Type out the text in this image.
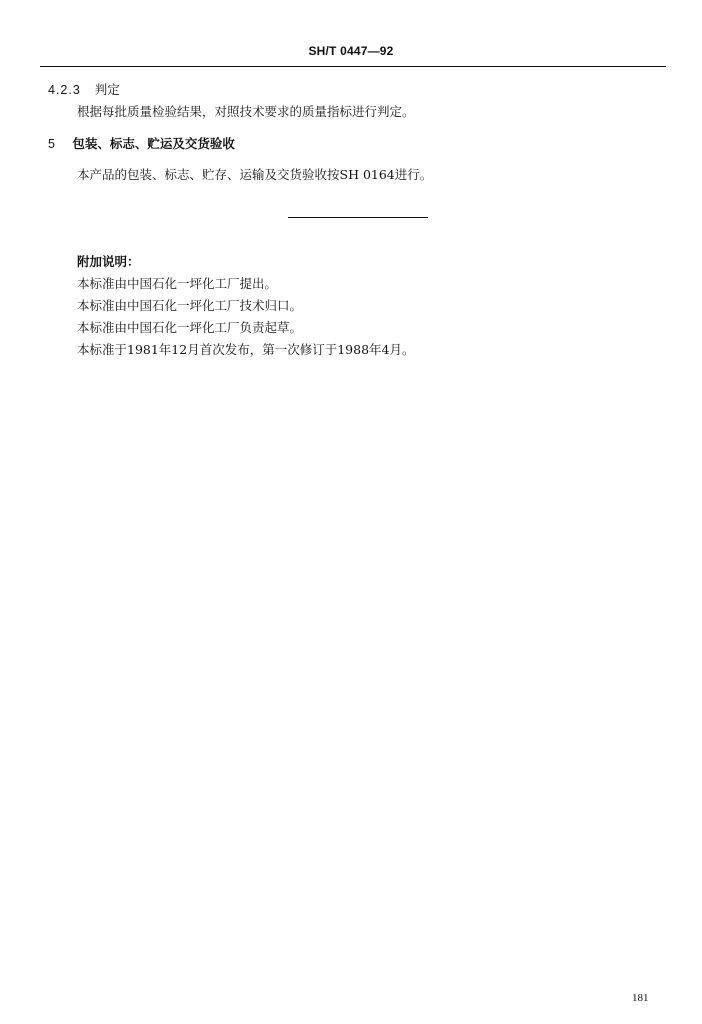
SH/T 0447—92
4.2.3 判定
根据每批质量检验结果，对照技术要求的质量指标进行判定。
5 包装、标志、贮运及交货验收
本产品的包装、标志、贮存、运输及交货验收按SH 0164进行。
附加说明：
本标准由中国石化一坪化工厂提出。
本标准由中国石化一坪化工厂技术归口。
本标准由中国石化一坪化工厂负责起草。
本标准于1981年12月首次发布，第一次修订于1988年4月。
181
